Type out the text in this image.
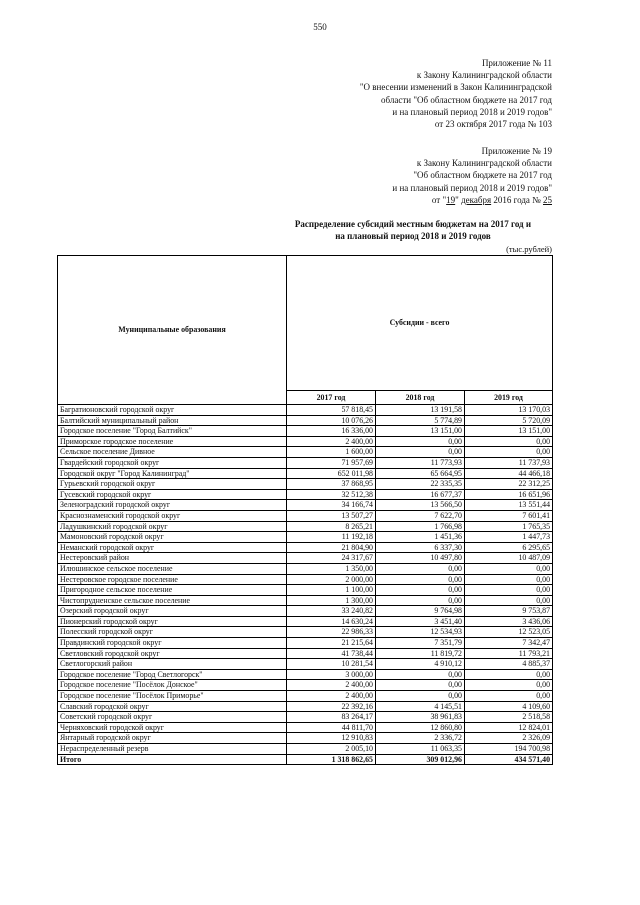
550
Приложение № 11
к Закону Калининградской области
"О внесении изменений в Закон Калининградской
области "Об областном бюджете на 2017 год
и на плановый период 2018 и 2019 годов"
от 23 октября 2017 года № 103
Приложение № 19
к Закону Калининградской области
"Об областном бюджете на 2017 год
и на плановый период 2018 и 2019 годов"
от "19" декабря 2016 года № 25
Распределение субсидий местным бюджетам на 2017 год и
на плановый период 2018 и 2019 годов
(тыс.рублей)
Муниципальные образования	Субсидии - всего		
	2017 год	2018 год	2019 год
Багратионовский городской округ	57 818,45	13 191,58	13 170,03
Балтийский муниципальный район	10 076,26	5 774,89	5 720,09
Городское поселение "Город Балтийск"	16 336,00	13 151,00	13 151,00
Приморское городское поселение	2 400,00	0,00	0,00
Сельское поселение Дивное	1 600,00	0,00	0,00
Гвардейский городской округ	71 957,69	11 773,93	11 737,93
Городской округ "Город Калининград"	652 011,98	65 664,95	44 466,18
Гурьевский городской округ	37 868,95	22 335,35	22 312,25
Гусевский городской округ	32 512,38	16 677,37	16 651,96
Зеленоградский городской округ	34 166,74	13 566,50	13 551,44
Краснознаменский городской округ	13 507,27	7 622,70	7 601,41
Ладушкинский городской округ	8 265,21	1 766,98	1 765,35
Мамоновский городской округ	11 192,18	1 451,36	1 447,73
Неманский городской округ	21 804,90	6 337,30	6 295,65
Нестеровский район	24 317,67	10 497,80	10 487,09
Илюшинское сельское поселение	1 350,00	0,00	0,00
Нестеровское городское поселение	2 000,00	0,00	0,00
Пригородное сельское поселение	1 100,00	0,00	0,00
Чистопрудненское сельское поселение	1 300,00	0,00	0,00
Озерский городской округ	33 240,82	9 764,98	9 753,87
Пионерский городской округ	14 630,24	3 451,40	3 436,06
Полесский городской округ	22 986,33	12 534,93	12 523,05
Правдинский городской округ	21 215,64	7 351,79	7 342,47
Светловский городской округ	41 738,44	11 819,72	11 793,21
Светлогорский район	10 281,54	4 910,12	4 885,37
Городское поселение "Город Светлогорск"	3 000,00	0,00	0,00
Городское поселение "Посёлок Донское"	2 400,00	0,00	0,00
Городское поселение "Посёлок Приморье"	2 400,00	0,00	0,00
Славский городской округ	22 392,16	4 145,51	4 109,60
Советский городской округ	83 264,17	38 961,83	2 518,58
Черняховский городской округ	44 811,70	12 860,80	12 824,01
Янтарный городской округ	12 910,83	2 336,72	2 326,09
Нераспределенный резерв	2 005,10	11 063,35	194 700,98
Итого	1 318 862,65	309 012,96	434 571,40
